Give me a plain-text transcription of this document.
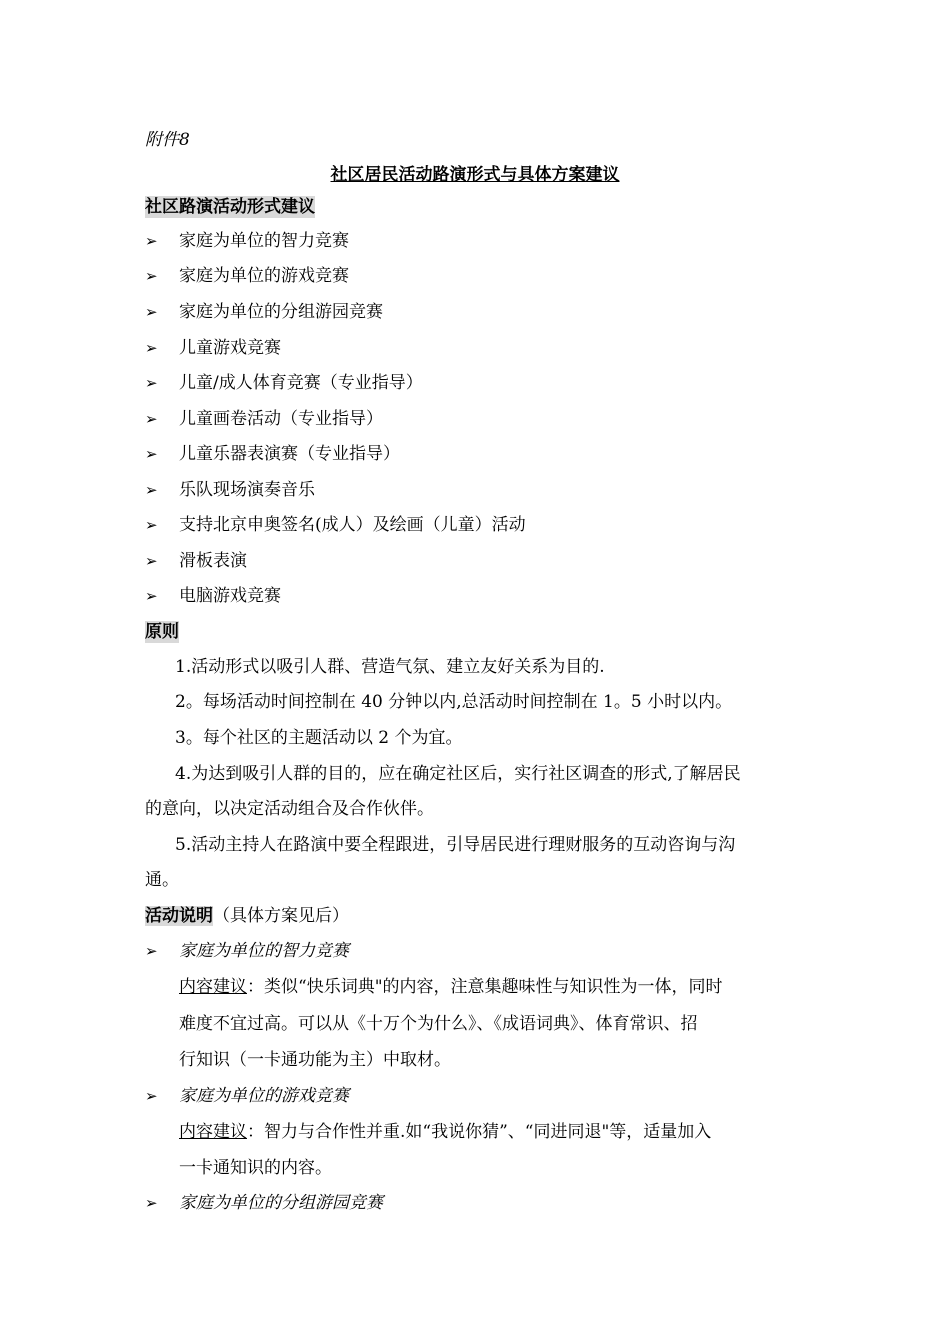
附件8
社区居民活动路演形式与具体方案建议
社区路演活动形式建议
➢	家庭为单位的智力竞赛
➢	家庭为单位的游戏竞赛
➢	家庭为单位的分组游园竞赛
➢	儿童游戏竞赛
➢	儿童/成人体育竞赛（专业指导）
➢	儿童画卷活动（专业指导）
➢	儿童乐器表演赛（专业指导）
➢	乐队现场演奏音乐
➢	支持北京申奥签名(成人）及绘画（儿童）活动
➢	滑板表演
➢	电脑游戏竞赛
原则
1.活动形式以吸引人群、营造气氛、建立友好关系为目的.
2。每场活动时间控制在 40 分钟以内,总活动时间控制在 1。5 小时以内。
3。每个社区的主题活动以 2 个为宜。
4.为达到吸引人群的目的，应在确定社区后，实行社区调查的形式,了解居民
的意向，以决定活动组合及合作伙伴。
5.活动主持人在路演中要全程跟进，引导居民进行理财服务的互动咨询与沟
通。
活动说明（具体方案见后）
➢	家庭为单位的智力竞赛
内容建议：类似“快乐词典"的内容，注意集趣味性与知识性为一体，同时
难度不宜过高。可以从《十万个为什么》、《成语词典》、体育常识、招
行知识（一卡通功能为主）中取材。
➢	家庭为单位的游戏竞赛
内容建议：智力与合作性并重.如“我说你猜”、“同进同退"等，适量加入
一卡通知识的内容。
➢	家庭为单位的分组游园竞赛
